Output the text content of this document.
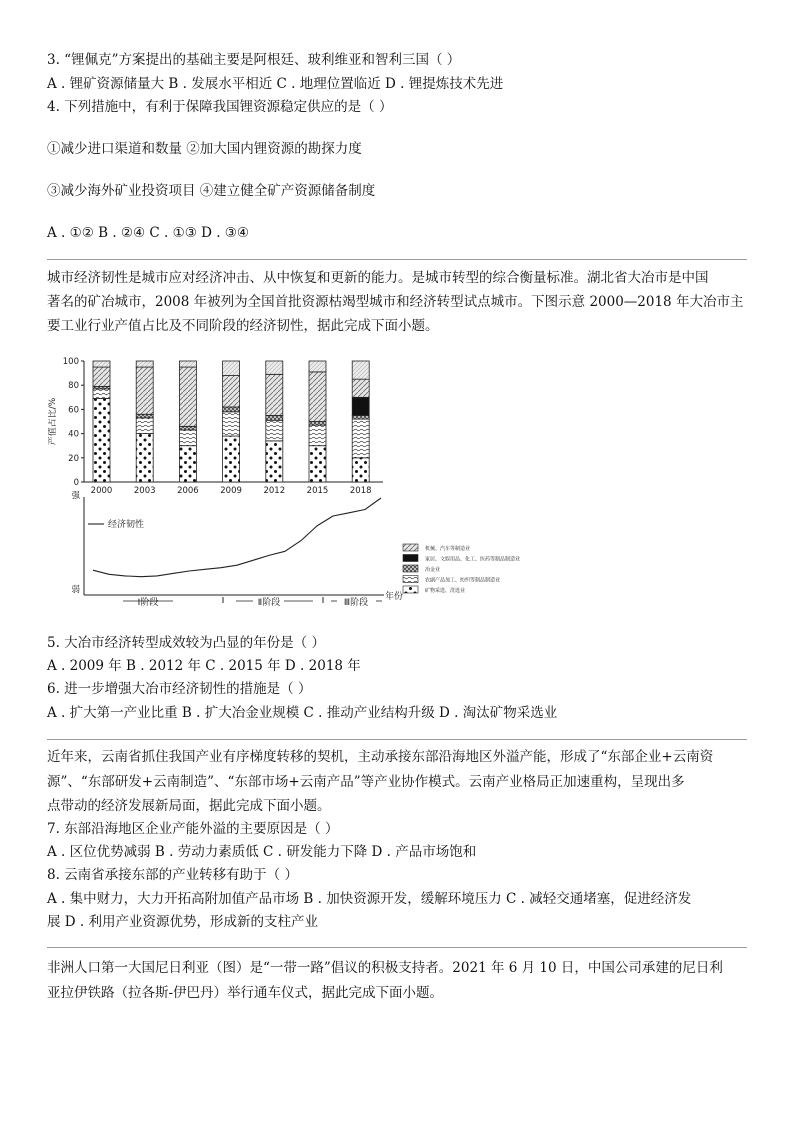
3. “锂佩克”方案提出的基础主要是阿根廷、玻利维亚和智利三国（ ）
A . 锂矿资源储量大 B . 发展水平相近 C . 地理位置临近 D . 锂提炼技术先进
4. 下列措施中，有利于保障我国锂资源稳定供应的是（ ）
①减少进口渠道和数量 ②加大国内锂资源的勘探力度
③减少海外矿业投资项目 ④建立健全矿产资源储备制度
A . ①② B . ②④ C . ①③ D . ③④
城市经济韧性是城市应对经济冲击、从中恢复和更新的能力。是城市转型的综合衡量标准。湖北省大冶市是中国
著名的矿冶城市，2008 年被列为全国首批资源枯竭型城市和经济转型试点城市。下图示意 2000—2018 年大冶市主
要工业行业产值占比及不同阶段的经济韧性，据此完成下面小题。
0
20
40
60
80
100
产值占比/%
2000	2003	2006	2009	2012	2015	2018
强
弱
年份
经济韧性
Ⅰ阶段	Ⅱ阶段	Ⅲ阶段
机械、汽车等制造业
家居、文娱用品、化工、医药等制品制造业
冶金业
农副产品加工、纺织等制品制造业
矿物采选、洗选业
5. 大冶市经济转型成效较为凸显的年份是（ ）
A . 2009 年 B . 2012 年 C . 2015 年 D . 2018 年
6. 进一步增强大冶市经济韧性的措施是（ ）
A . 扩大第一产业比重 B . 扩大冶金业规模 C . 推动产业结构升级 D . 淘汰矿物采选业
近年来，云南省抓住我国产业有序梯度转移的契机，主动承接东部沿海地区外溢产能，形成了“东部企业+云南资
源”、“东部研发+云南制造”、“东部市场+云南产品”等产业协作模式。云南产业格局正加速重构，呈现出多
点带动的经济发展新局面，据此完成下面小题。
7. 东部沿海地区企业产能外溢的主要原因是（ ）
A . 区位优势减弱 B . 劳动力素质低 C . 研发能力下降 D . 产品市场饱和
8. 云南省承接东部的产业转移有助于（ ）
A . 集中财力，大力开拓高附加值产品市场 B . 加快资源开发，缓解环境压力 C . 减轻交通堵塞，促进经济发
展 D . 利用产业资源优势，形成新的支柱产业
非洲人口第一大国尼日利亚（图）是“一带一路”倡议的积极支持者。2021 年 6 月 10 日，中国公司承建的尼日利
亚拉伊铁路（拉各斯-伊巴丹）举行通车仪式，据此完成下面小题。
